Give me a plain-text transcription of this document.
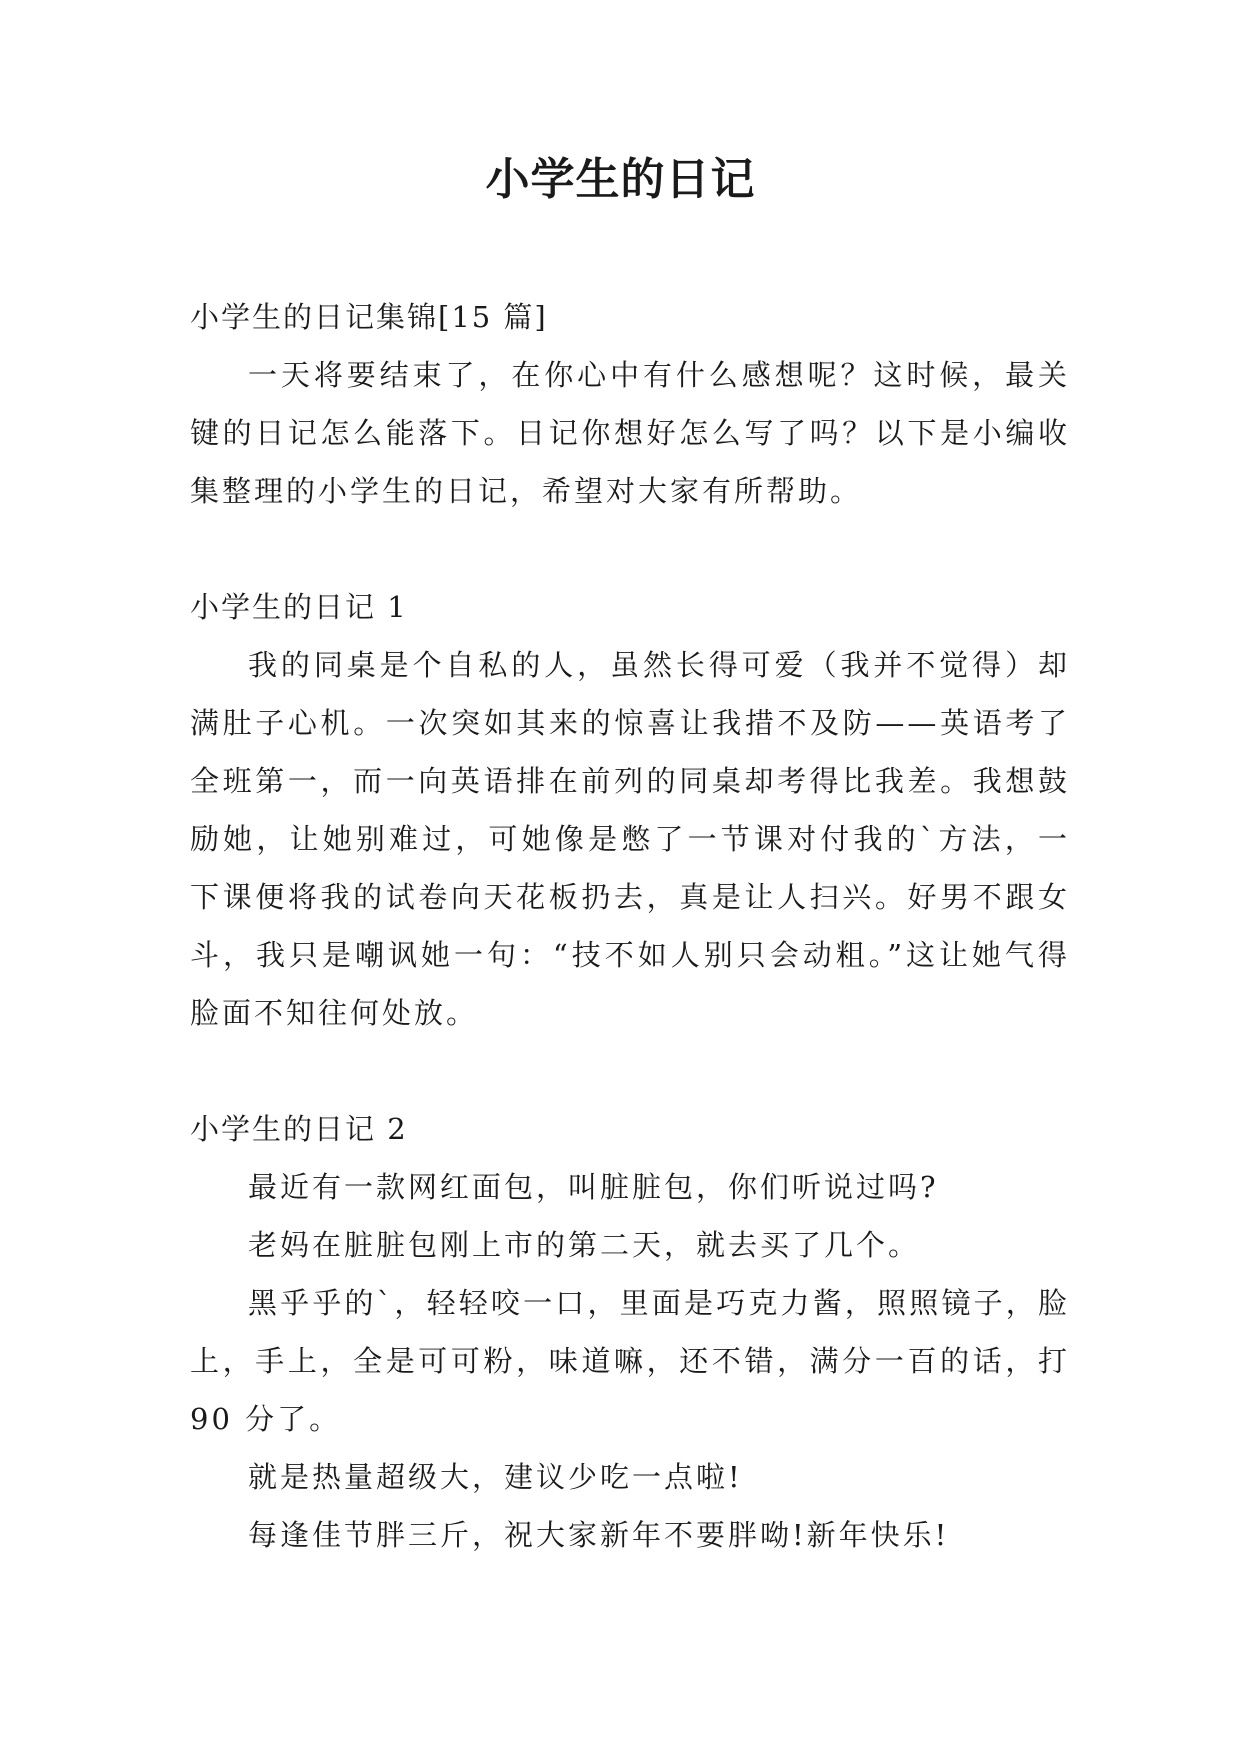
小学生的日记
小学生的日记集锦[15 篇]

一天将要结束了，在你心中有什么感想呢？这时候，最关键的日记怎么能落下。日记你想好怎么写了吗？以下是小编收集整理的小学生的日记，希望对大家有所帮助。

小学生的日记 1

我的同桌是个自私的人，虽然长得可爱（我并不觉得）却满肚子心机。一次突如其来的惊喜让我措不及防——英语考了全班第一，而一向英语排在前列的同桌却考得比我差。我想鼓励她，让她别难过，可她像是憋了一节课对付我的`方法，一下课便将我的试卷向天花板扔去，真是让人扫兴。好男不跟女斗，我只是嘲讽她一句：“技不如人别只会动粗。”这让她气得脸面不知往何处放。

小学生的日记 2

最近有一款网红面包，叫脏脏包，你们听说过吗?

老妈在脏脏包刚上市的第二天，就去买了几个。

黑乎乎的`，轻轻咬一口，里面是巧克力酱，照照镜子，脸上，手上，全是可可粉，味道嘛，还不错，满分一百的话，打 90 分了。

就是热量超级大，建议少吃一点啦!

每逢佳节胖三斤，祝大家新年不要胖呦!新年快乐!
